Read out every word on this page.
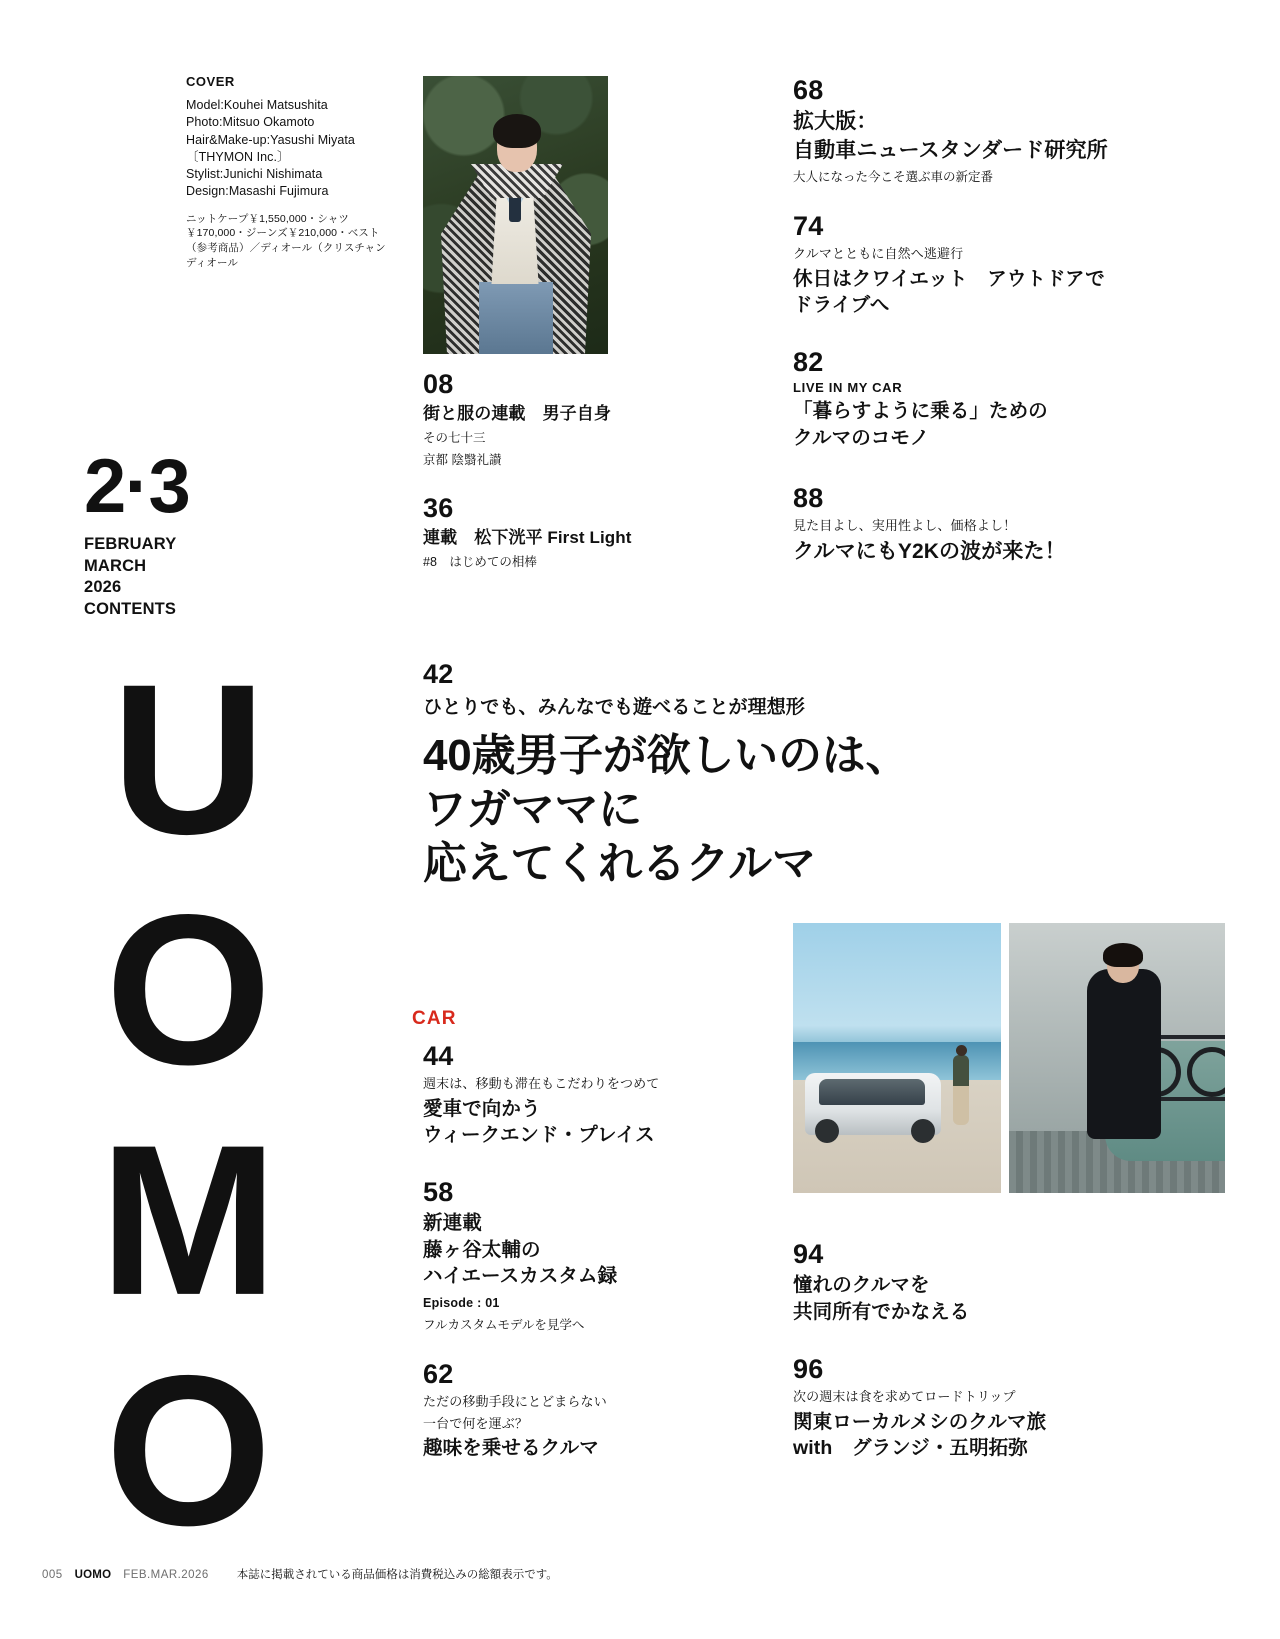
COVER
Model:Kouhei Matsushita
Photo:Mitsuo Okamoto
Hair&Make-up:Yasushi Miyata
〔THYMON Inc.〕
Stylist:Junichi Nishimata
Design:Masashi Fujimura
ニットケープ￥1,550,000・シャツ￥170,000・ジーンズ￥210,000・ベスト（参考商品）／ディオール（クリスチャン ディオール
2·3
FEBRUARY
MARCH
2026
CONTENTS
UOMO
08
街と服の連載　男子自身
その七十三
京都 陰翳礼讃
36
連載　松下洸平 First Light
#8　はじめての相棒
42
ひとりでも、みんなでも遊べることが理想形
40歳男子が欲しいのは、
ワガママに
応えてくれるクルマ
CAR
44
週末は、移動も滞在もこだわりをつめて
愛車で向かう
ウィークエンド・プレイス
58
新連載
藤ヶ谷太輔の
ハイエースカスタム録
Episode : 01
フルカスタムモデルを見学へ
62
ただの移動手段にとどまらない
一台で何を運ぶ？
趣味を乗せるクルマ
68
拡大版：
自動車ニュースタンダード研究所
大人になった今こそ選ぶ車の新定番
74
クルマとともに自然へ逃避行
休日はクワイエット　アウトドアで
ドライブへ
82
LIVE IN MY CAR
「暮らすように乗る」ための
クルマのコモノ
88
見た目よし、実用性よし、価格よし！
クルマにもY2Kの波が来た！
94
憧れのクルマを
共同所有でかなえる
96
次の週末は食を求めてロードトリップ
関東ローカルメシのクルマ旅
with　グランジ・五明拓弥
005 UOMO FEB.MAR.2026 本誌に掲載されている商品価格は消費税込みの総額表示です。
